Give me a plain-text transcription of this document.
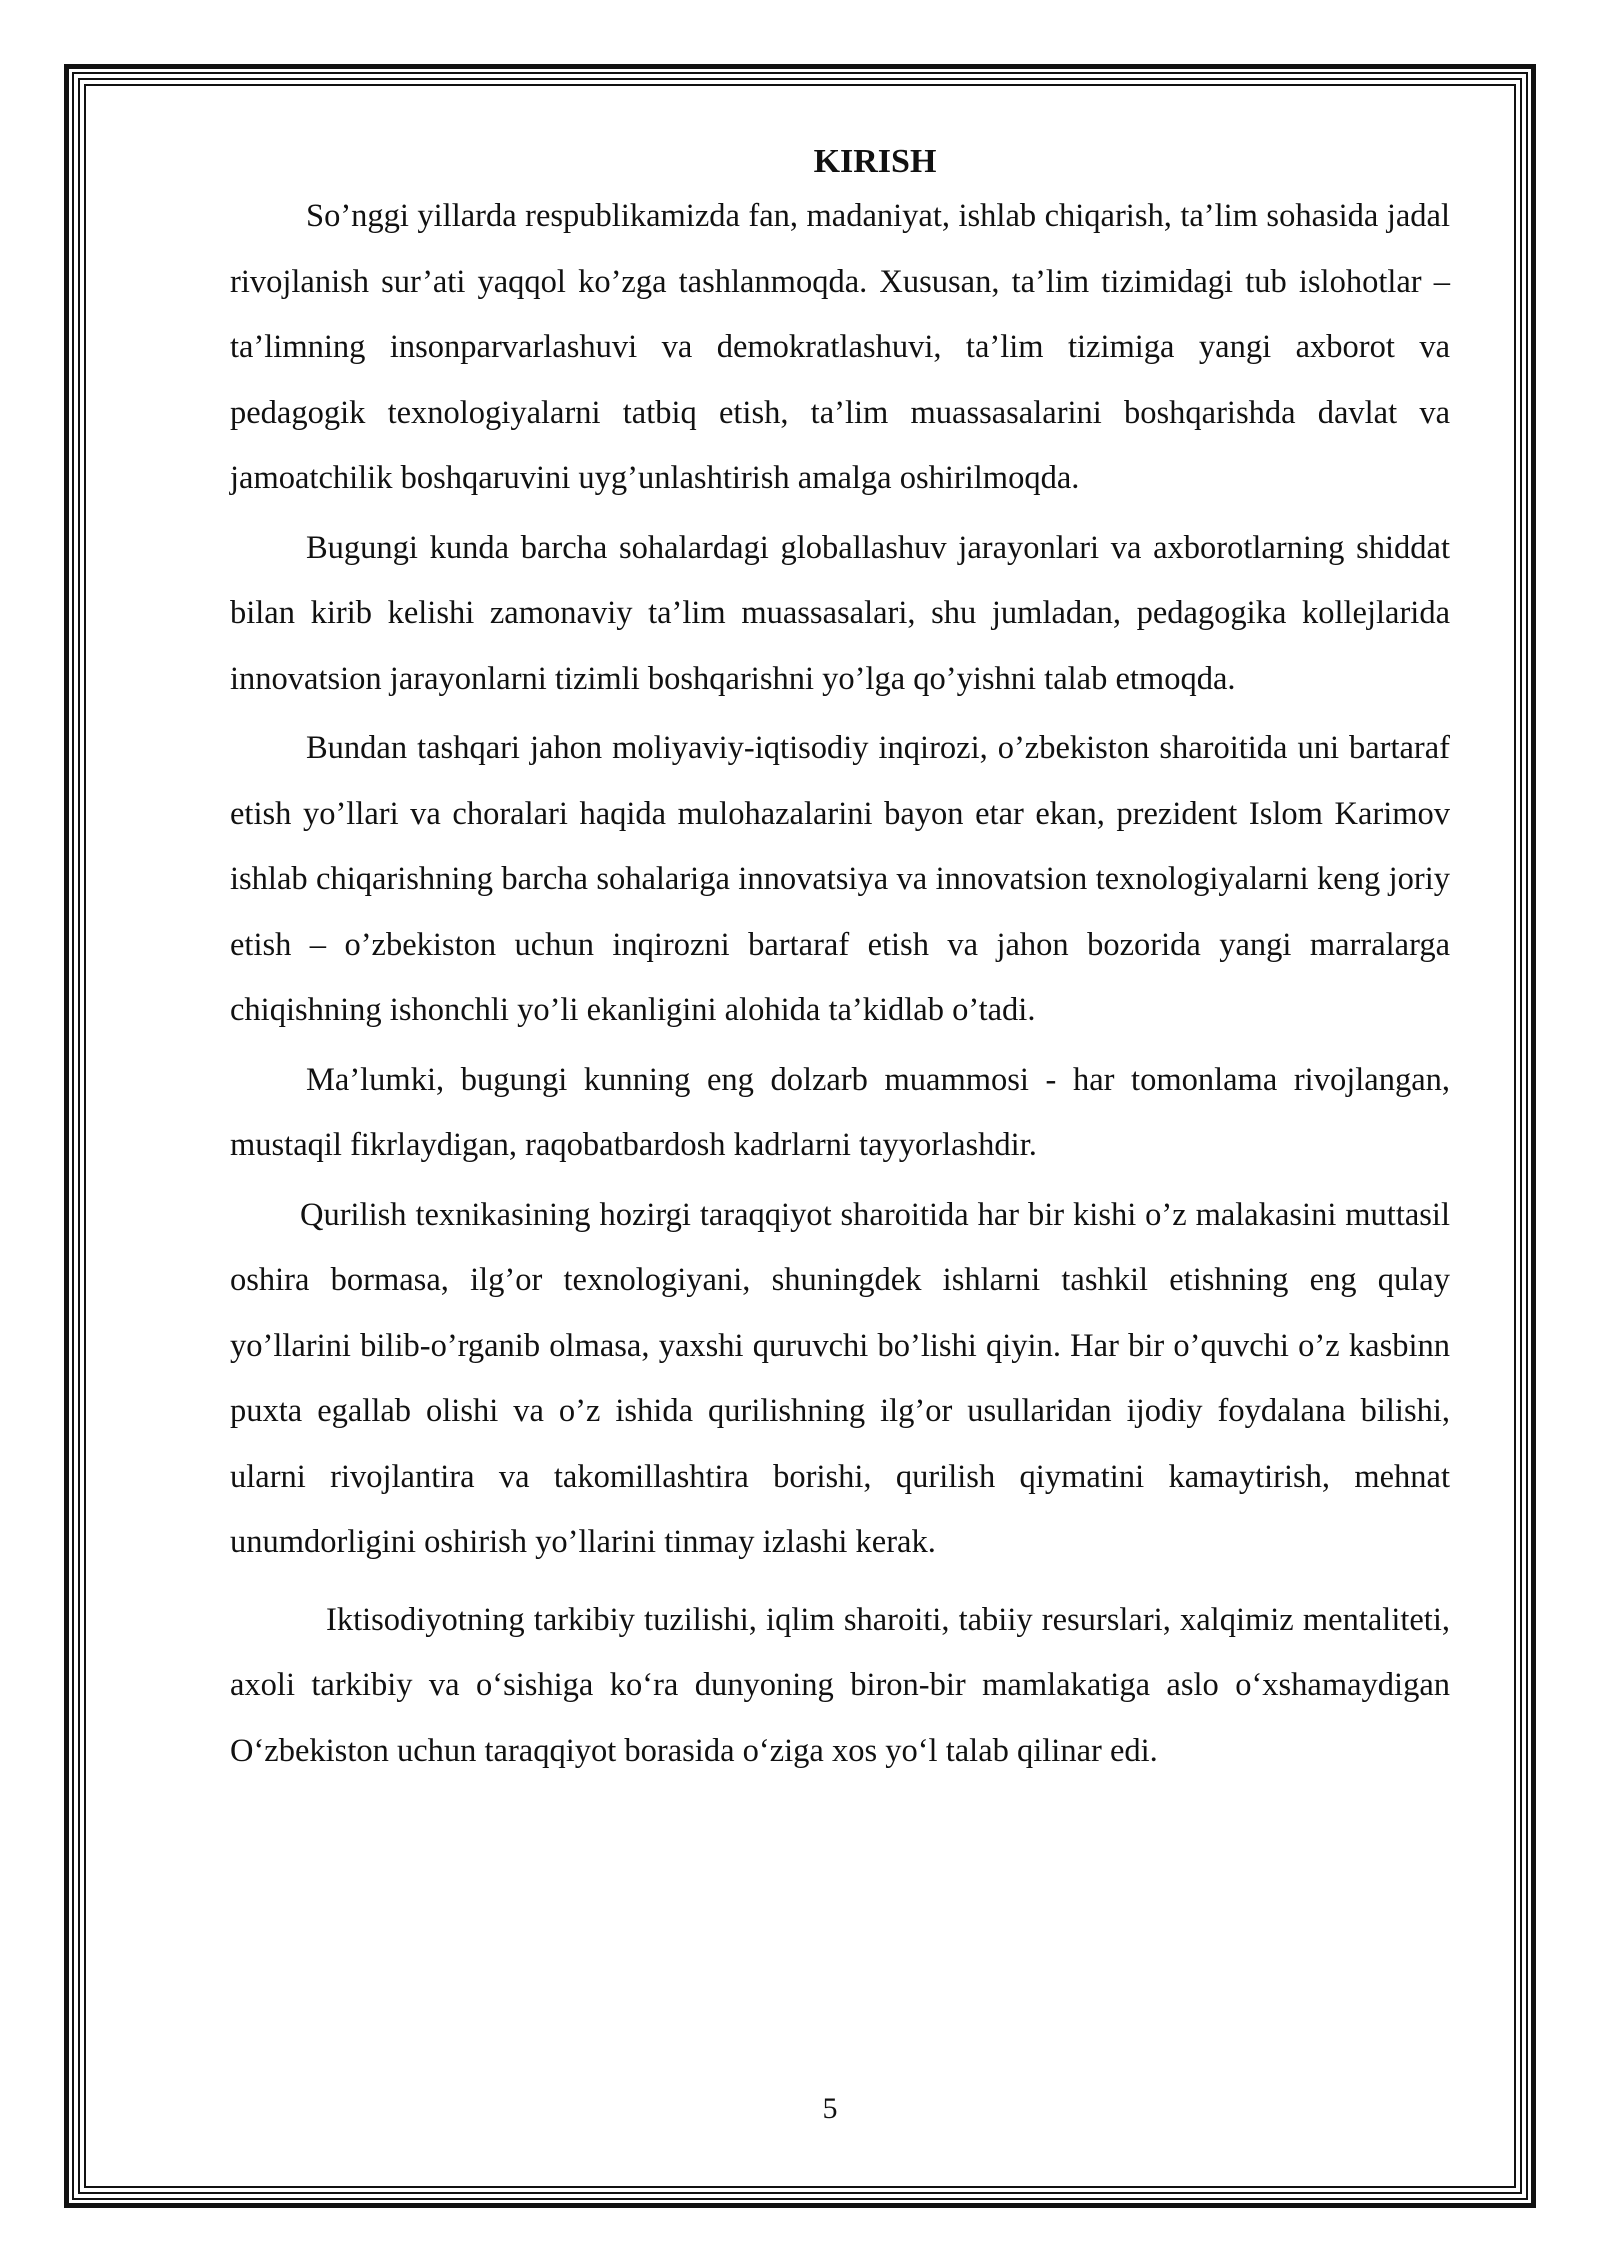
KIRISH

So’nggi yillarda respublikamizda fan, madaniyat, ishlab chiqarish, ta’lim sohasida jadal rivojlanish sur’ati yaqqol ko’zga tashlanmoqda. Xususan, ta’lim tizimidagi tub islohotlar – ta’limning insonparvarlashuvi va demokratlashuvi, ta’lim tizimiga yangi axborot va pedagogik texnologiyalarni tatbiq etish, ta’lim muassasalarini boshqarishda davlat va jamoatchilik boshqaruvini uyg’unlashtirish amalga oshirilmoqda.

Bugungi kunda barcha sohalardagi globallashuv jarayonlari va axborotlarning shiddat bilan kirib kelishi zamonaviy ta’lim muassasalari, shu jumladan, pedagogika kollejlarida innovatsion jarayonlarni tizimli boshqarishni yo’lga qo’yishni talab etmoqda.

Bundan tashqari jahon moliyaviy-iqtisodiy inqirozi, o’zbekiston sharoitida uni bartaraf etish yo’llari va choralari haqida mulohazalarini bayon etar ekan, prezident Islom Karimov ishlab chiqarishning barcha sohalariga innovatsiya va innovatsion texnologiyalarni keng joriy etish – o’zbekiston uchun inqirozni bartaraf etish va jahon bozorida yangi marralarga chiqishning ishonchli yo’li ekanligini alohida ta’kidlab o’tadi.

Ma’lumki, bugungi kunning eng dolzarb muammosi - har tomonlama rivojlangan, mustaqil fikrlaydigan, raqobatbardosh kadrlarni tayyorlashdir.

Qurilish texnikasining hozirgi taraqqiyot sharoitida har bir kishi o’z malakasini muttasil oshira bormasa, ilg’or texnologiyani, shuningdek ishlarni tashkil etishning eng qulay yo’llarini bilib-o’rganib olmasa, yaxshi quruvchi bo’lishi qiyin. Har bir o’quvchi o’z kasbinn puxta egallab olishi va o’z ishida qurilishning ilg’or usullaridan ijodiy foydalana bilishi, ularni rivojlantira va takomillashtira borishi, qurilish qiymatini kamaytirish, mehnat unumdorligini oshirish yo’llarini tinmay izlashi kerak.

Iktisodiyotning tarkibiy tuzilishi, iqlim sharoiti, tabiiy resurslari, xalqimiz mentaliteti, axoli tarkibiy va o‘sishiga ko‘ra dunyoning biron-bir mamlakatiga aslo o‘xshamaydigan O‘zbekiston uchun taraqqiyot borasida o‘ziga xos yo‘l talab qilinar edi.

5
